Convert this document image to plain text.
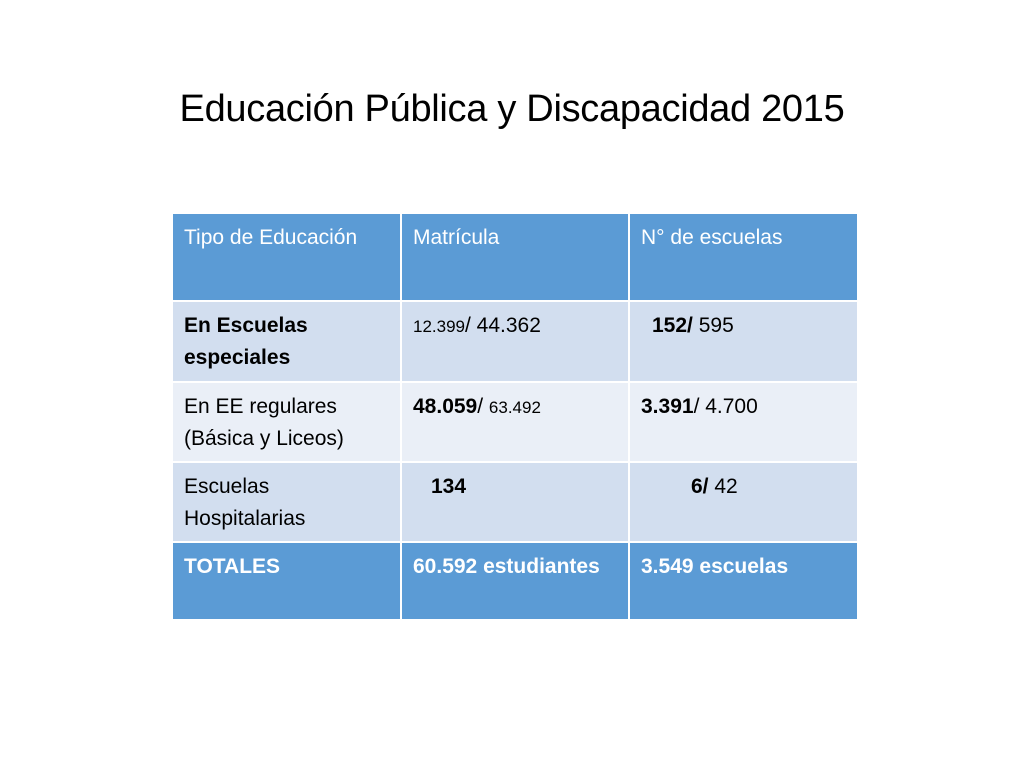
Educación Pública y Discapacidad 2015
Tipo de Educación	Matrícula	N° de escuelas
En Escuelas especiales	12.399/ 44.362	152/ 595
En EE regulares (Básica y Liceos)	48.059/ 63.492	3.391/ 4.700
Escuelas Hospitalarias	134	6/ 42
TOTALES	60.592 estudiantes	3.549 escuelas
